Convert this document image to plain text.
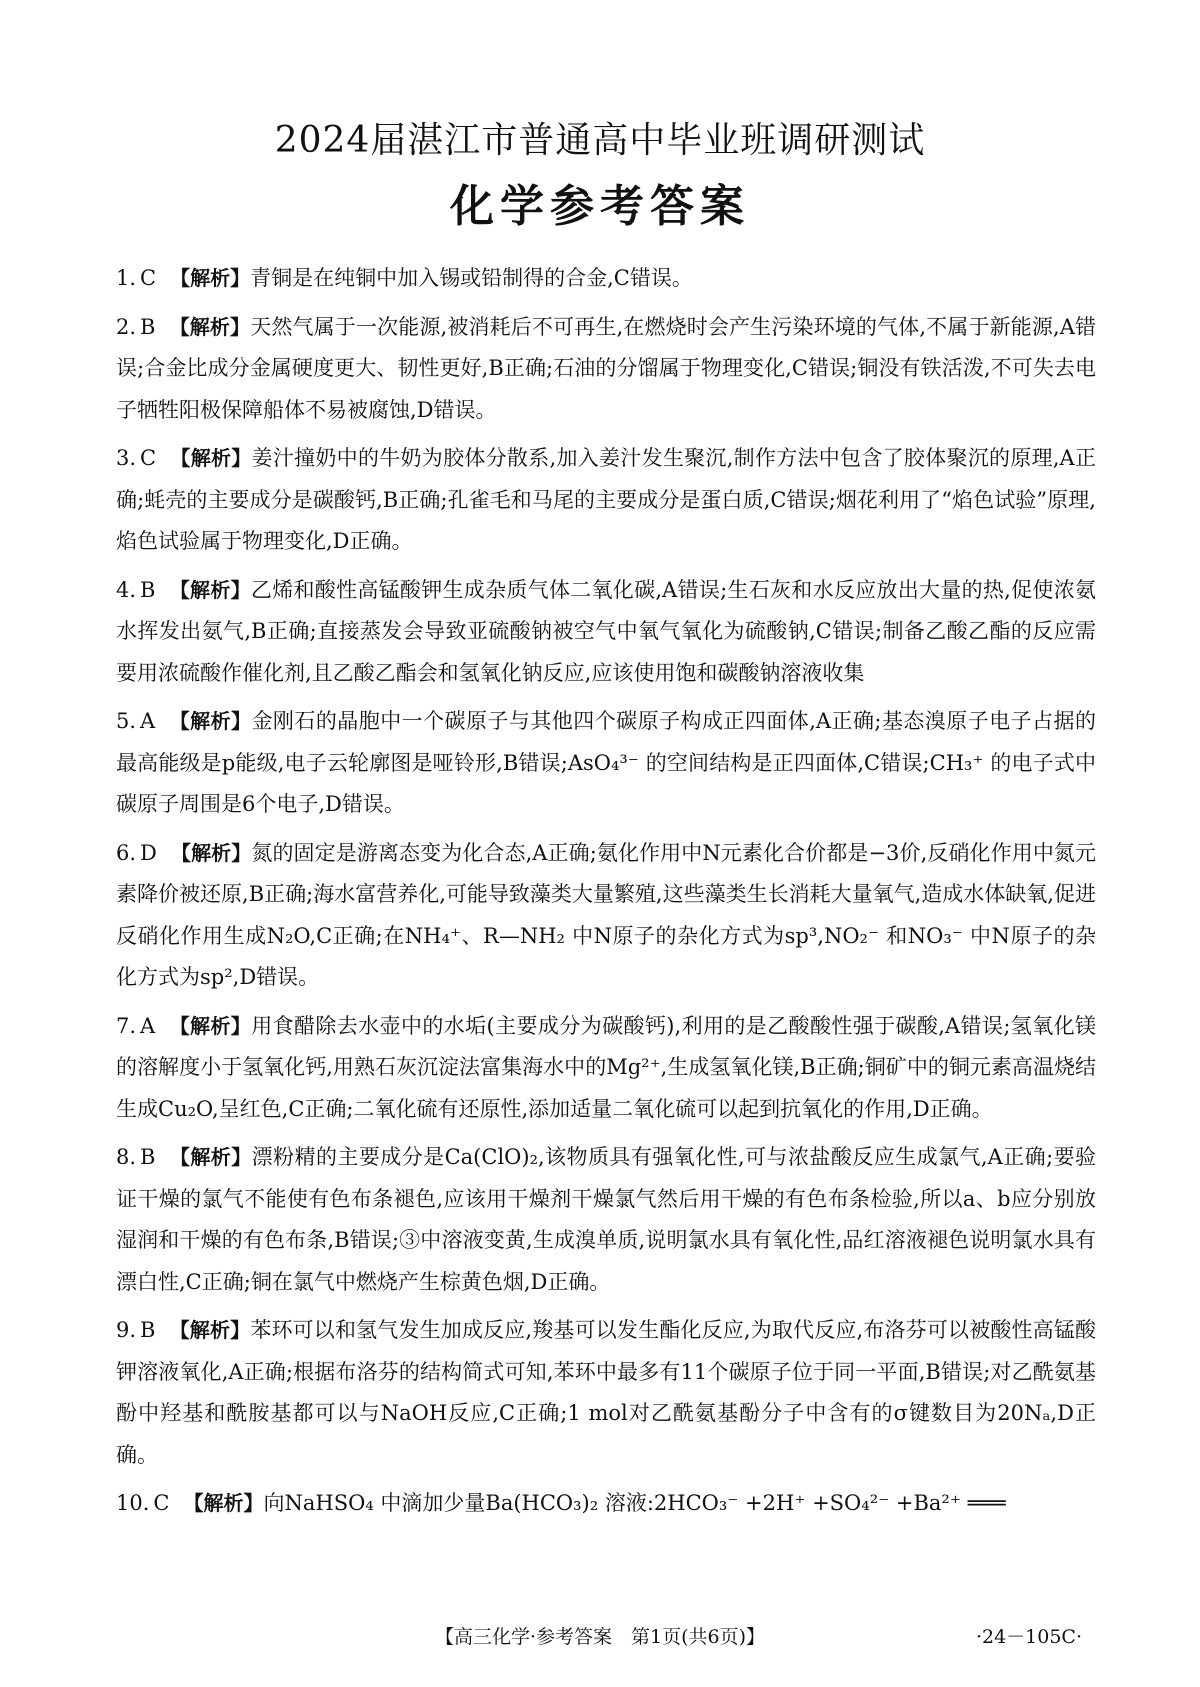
2024届湛江市普通高中毕业班调研测试
化学参考答案

1. C 【解析】青铜是在纯铜中加入锡或铅制得的合金,C错误。

2. B 【解析】天然气属于一次能源,被消耗后不可再生,在燃烧时会产生污染环境的气体,不属于新能源,A错误;合金比成分金属硬度更大、韧性更好,B正确;石油的分馏属于物理变化,C错误;铜没有铁活泼,不可失去电子牺牲阳极保障船体不易被腐蚀,D错误。

3. C 【解析】姜汁撞奶中的牛奶为胶体分散系,加入姜汁发生聚沉,制作方法中包含了胶体聚沉的原理,A正确;蚝壳的主要成分是碳酸钙,B正确;孔雀毛和马尾的主要成分是蛋白质,C错误;烟花利用了“焰色试验”原理,焰色试验属于物理变化,D正确。

4. B 【解析】乙烯和酸性高锰酸钾生成杂质气体二氧化碳,A错误;生石灰和水反应放出大量的热,促使浓氨水挥发出氨气,B正确;直接蒸发会导致亚硫酸钠被空气中氧气氧化为硫酸钠,C错误;制备乙酸乙酯的反应需要用浓硫酸作催化剂,且乙酸乙酯会和氢氧化钠反应,应该使用饱和碳酸钠溶液收集

5. A 【解析】金刚石的晶胞中一个碳原子与其他四个碳原子构成正四面体,A正确;基态溴原子电子占据的最高能级是p能级,电子云轮廓图是哑铃形,B错误;AsO₄³⁻ 的空间结构是正四面体,C错误;CH₃⁺ 的电子式中碳原子周围是6个电子,D错误。

6. D 【解析】氮的固定是游离态变为化合态,A正确;氨化作用中N元素化合价都是−3价,反硝化作用中氮元素降价被还原,B正确;海水富营养化,可能导致藻类大量繁殖,这些藻类生长消耗大量氧气,造成水体缺氧,促进反硝化作用生成N₂O,C正确;在NH₄⁺、R—NH₂ 中N原子的杂化方式为sp³,NO₂⁻ 和NO₃⁻ 中N原子的杂化方式为sp²,D错误。

7. A 【解析】用食醋除去水壶中的水垢(主要成分为碳酸钙),利用的是乙酸酸性强于碳酸,A错误;氢氧化镁的溶解度小于氢氧化钙,用熟石灰沉淀法富集海水中的Mg²⁺,生成氢氧化镁,B正确;铜矿中的铜元素高温烧结生成Cu₂O,呈红色,C正确;二氧化硫有还原性,添加适量二氧化硫可以起到抗氧化的作用,D正确。

8. B 【解析】漂粉精的主要成分是Ca(ClO)₂,该物质具有强氧化性,可与浓盐酸反应生成氯气,A正确;要验证干燥的氯气不能使有色布条褪色,应该用干燥剂干燥氯气然后用干燥的有色布条检验,所以a、b应分别放湿润和干燥的有色布条,B错误;③中溶液变黄,生成溴单质,说明氯水具有氧化性,品红溶液褪色说明氯水具有漂白性,C正确;铜在氯气中燃烧产生棕黄色烟,D正确。

9. B 【解析】苯环可以和氢气发生加成反应,羧基可以发生酯化反应,为取代反应,布洛芬可以被酸性高锰酸钾溶液氧化,A正确;根据布洛芬的结构简式可知,苯环中最多有11个碳原子位于同一平面,B错误;对乙酰氨基酚中羟基和酰胺基都可以与NaOH反应,C正确;1 mol对乙酰氨基酚分子中含有的σ键数目为20Nₐ,D正确。

10. C 【解析】向NaHSO₄ 中滴加少量Ba(HCO₃)₂ 溶液:2HCO₃⁻ +2H⁺ +SO₄²⁻ +Ba²⁺ ═══

【高三化学·参考答案　第1页(共6页)】	·24－105C·
